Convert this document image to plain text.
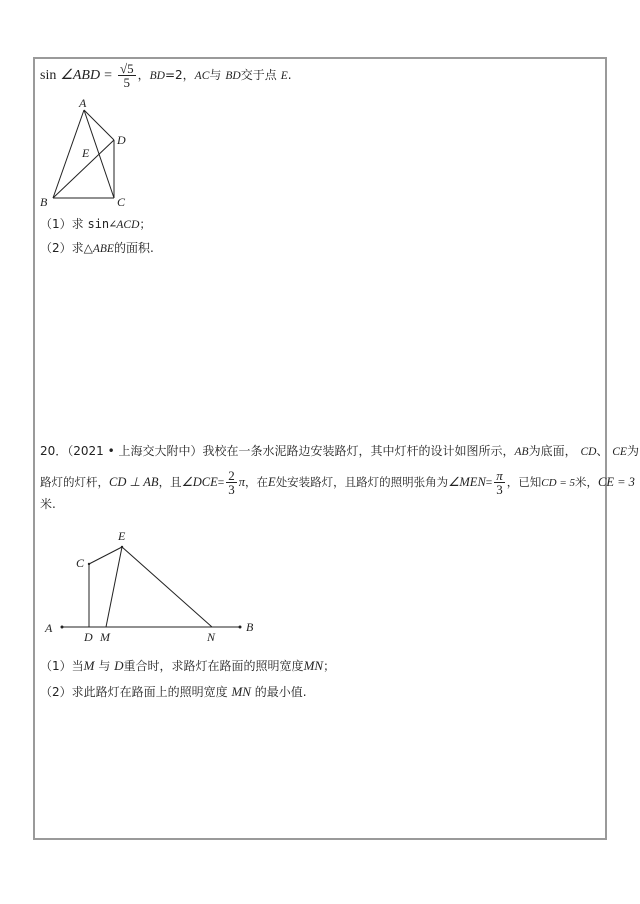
sin ∠ABD = $\frac{√5}{5}$ ，BD=2，AC与 BD交于点 E.
A
D
E
B	C
（1）求 sin∠ACD；
（2）求△ABE的面积.
20．（2021 • 上海交大附中）我校在一条水泥路边安装路灯，其中灯杆的设计如图所示，AB为底面， CD、 CE为
路灯的灯杆，CD ⊥ AB，且∠DCE= $\frac{2}{3}$ π，在E处安装路灯，且路灯的照明张角为∠MEN= $\frac{\pi}{3}$ ，已知CD = 5米，CE = 3
米.
A	B
C
E
D M	N
（1）当M 与 D重合时，求路灯在路面的照明宽度MN；
（2）求此路灯在路面上的照明宽度 MN 的最小值.
